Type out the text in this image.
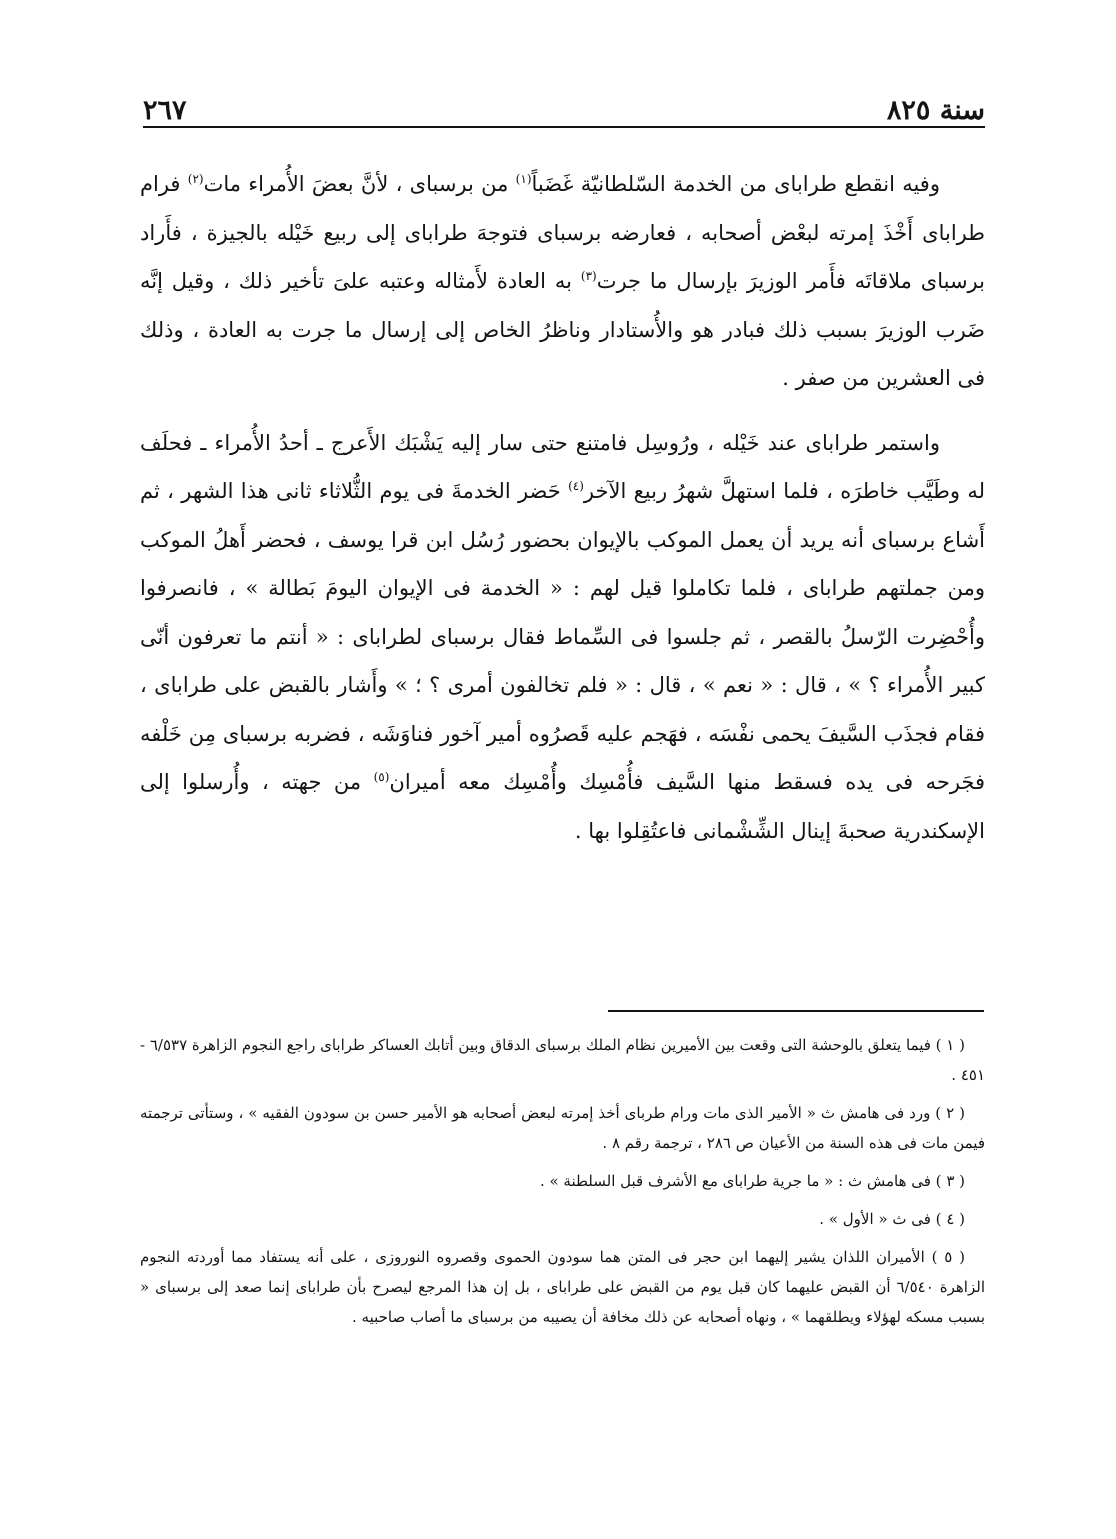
سنة ٨٢٥
٢٦٧

وفيه انقطع طراباى من الخدمة السّلطانيّة غَضَباً$^{(١)}$ من برسباى ، لأنَّ بعضَ الأُمراء مات$^{(٢)}$ فرام طراباى أَخْذَ إمرته لبعْض أصحابه ، فعارضه برسباى فتوجهَ طراباى إلى ربيع خَيْله بالجيزة ، فأَراد برسباى ملاقاتَه فأَمر الوزيرَ بإرسال ما جرت$^{(٣)}$ به العادة لأَمثاله وعتبه علىَ تأخير ذلك ، وقيل إنَّه ضَرب الوزيرَ بسبب ذلك فبادر هو والأُستادار وناظرُ الخاص إلى إرسال ما جرت به العادة ، وذلك فى العشرين من صفر .

واستمر طراباى عند خَيْله ، ورُوسِل فامتنع حتى سار إليه يَشْبَك الأَعرج ـ أحدُ الأُمراء ـ فحلَف له وطَيَّب خاطرَه ، فلما استهلَّ شهرُ ربيع الآخر$^{(٤)}$ حَضر الخدمةَ فى يوم الثُّلاثاء ثانى هذا الشهر ، ثم أَشاع برسباى أنه يريد أن يعمل الموكب بالإيوان بحضور رُسُل ابن قرا يوسف ، فحضر أَهلُ الموكب ومن جملتهم طراباى ، فلما تكاملوا قيل لهم : « الخدمة فى الإيوان اليومَ بَطالة » ، فانصرفوا وأُحْضِرت الرّسلُ بالقصر ، ثم جلسوا فى السِّماط فقال برسباى لطراباى : « أنتم ما تعرفون أنّى كبير الأُمراء ؟ » ، قال : « نعم » ، قال : « فلم تخالفون أمرى ؟ ؛ » وأَشار بالقبض على طراباى ، فقام فجذَب السَّيفَ يحمى نفْسَه ، فهَجم عليه قَصرُوه أمير آخور فناوَشَه ، فضربه برسباى مِن خَلْفه فجَرحه فى يده فسقط منها السَّيف فأُمْسِك وأُمْسِك معه أميران$^{(٥)}$ من جهته ، وأُرسلوا إلى الإسكندرية صحبةَ إينال الشِّشْمانى فاعتُقِلوا بها .

( ١ ) فيما يتعلق بالوحشة التى وقعت بين الأميرين نظام الملك برسباى الدقاق وبين أتابك العساكر طراباى راجع النجوم الزاهرة ٦/٥٣٧ - ٤٥١ .

( ٢ ) ورد فى هامش ث « الأمير الذى مات ورام طرباى أخذ إمرته لبعض أصحابه هو الأمير حسن بن سودون الفقيه » ، وستأتى ترجمته فيمن مات فى هذه السنة من الأعيان ص ٢٨٦ ، ترجمة رقم ٨ .

( ٣ ) فى هامش ث : « ما جرية طراباى مع الأشرف قبل السلطنة » .

( ٤ ) فى ث « الأول » .

( ٥ ) الأميران اللذان يشير إليهما ابن حجر فى المتن هما سودون الحموى وقصروه النوروزى ، على أنه يستفاد مما أوردته النجوم الزاهرة ٦/٥٤٠ أن القبض عليهما كان قبل يوم من القبض على طراباى ، بل إن هذا المرجع ليصرح بأن طراباى إنما صعد إلى برسباى « بسبب مسكه لهؤلاء ويطلقهما » ، ونهاه أصحابه عن ذلك مخافة أن يصيبه من برسباى ما أصاب صاحبيه .
